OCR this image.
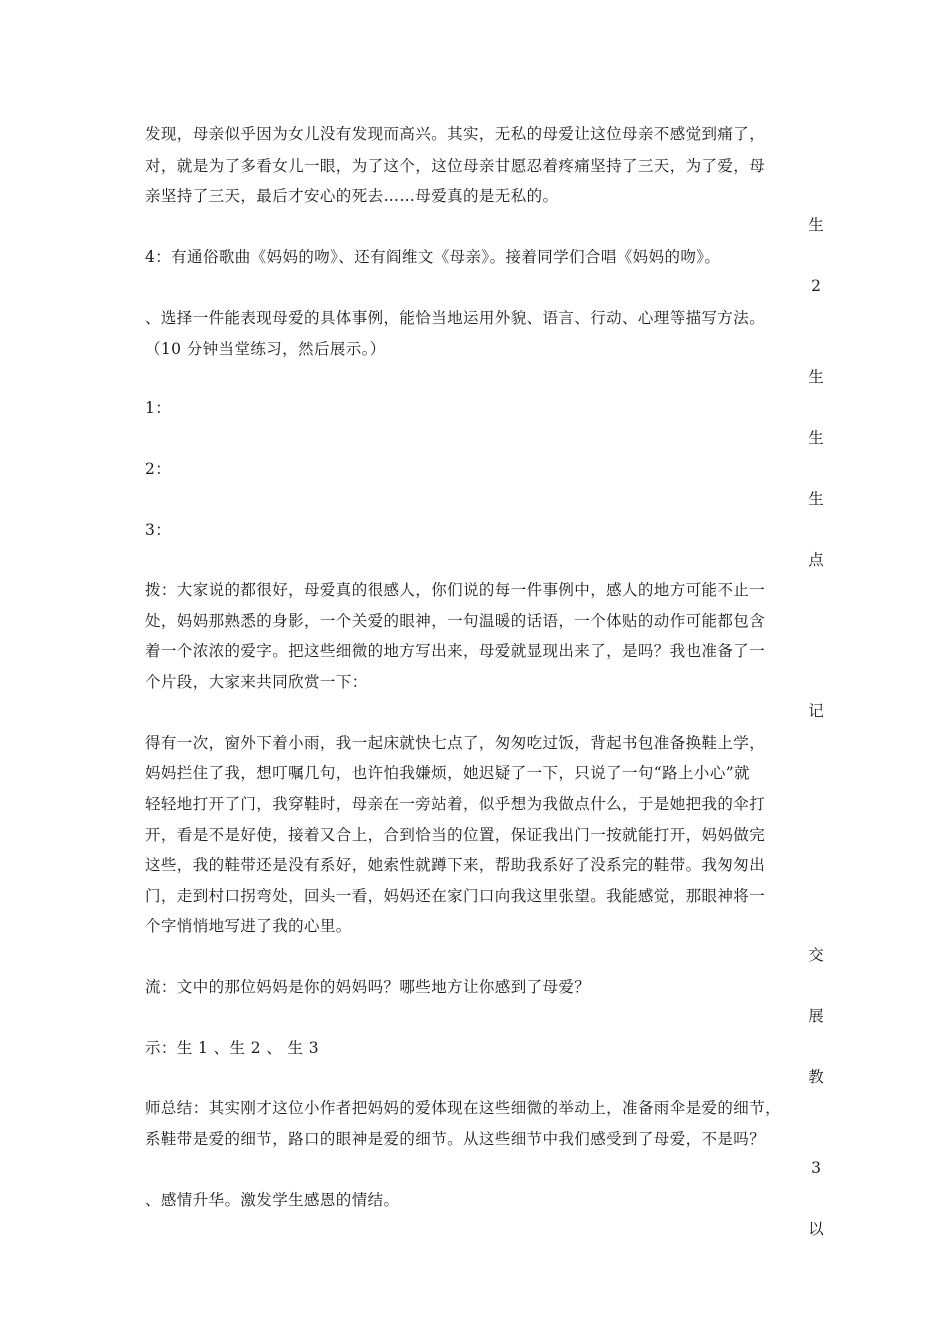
发现，母亲似乎因为女儿没有发现而高兴。其实，无私的母爱让这位母亲不感觉到痛了，
对，就是为了多看女儿一眼，为了这个，这位母亲甘愿忍着疼痛坚持了三天，为了爱，母
亲坚持了三天，最后才安心的死去……母爱真的是无私的。
生
4：有通俗歌曲《妈妈的吻》、还有阎维文《母亲》。接着同学们合唱《妈妈的吻》。
2
、选择一件能表现母爱的具体事例，能恰当地运用外貌、语言、行动、心理等描写方法。
（10 分钟当堂练习，然后展示。）
生
1：
生
2：
生
3：
点
拨：大家说的都很好，母爱真的很感人，你们说的每一件事例中，感人的地方可能不止一
处，妈妈那熟悉的身影，一个关爱的眼神，一句温暖的话语，一个体贴的动作可能都包含
着一个浓浓的爱字。把这些细微的地方写出来，母爱就显现出来了，是吗？我也准备了一
个片段，大家来共同欣赏一下：
记
得有一次，窗外下着小雨，我一起床就快七点了，匆匆吃过饭，背起书包准备换鞋上学，
妈妈拦住了我，想叮嘱几句，也许怕我嫌烦，她迟疑了一下，只说了一句“路上小心”就
轻轻地打开了门，我穿鞋时，母亲在一旁站着，似乎想为我做点什么，于是她把我的伞打
开，看是不是好使，接着又合上，合到恰当的位置，保证我出门一按就能打开，妈妈做完
这些，我的鞋带还是没有系好，她索性就蹲下来，帮助我系好了没系完的鞋带。我匆匆出
门，走到村口拐弯处，回头一看，妈妈还在家门口向我这里张望。我能感觉，那眼神将一
个字悄悄地写进了我的心里。
交
流：文中的那位妈妈是你的妈妈吗？哪些地方让你感到了母爱？
展
示：生 1 、生 2 、 生 3
教
师总结：其实刚才这位小作者把妈妈的爱体现在这些细微的举动上，准备雨伞是爱的细节，
系鞋带是爱的细节，路口的眼神是爱的细节。从这些细节中我们感受到了母爱，不是吗？
3
、感情升华。激发学生感恩的情结。
以
